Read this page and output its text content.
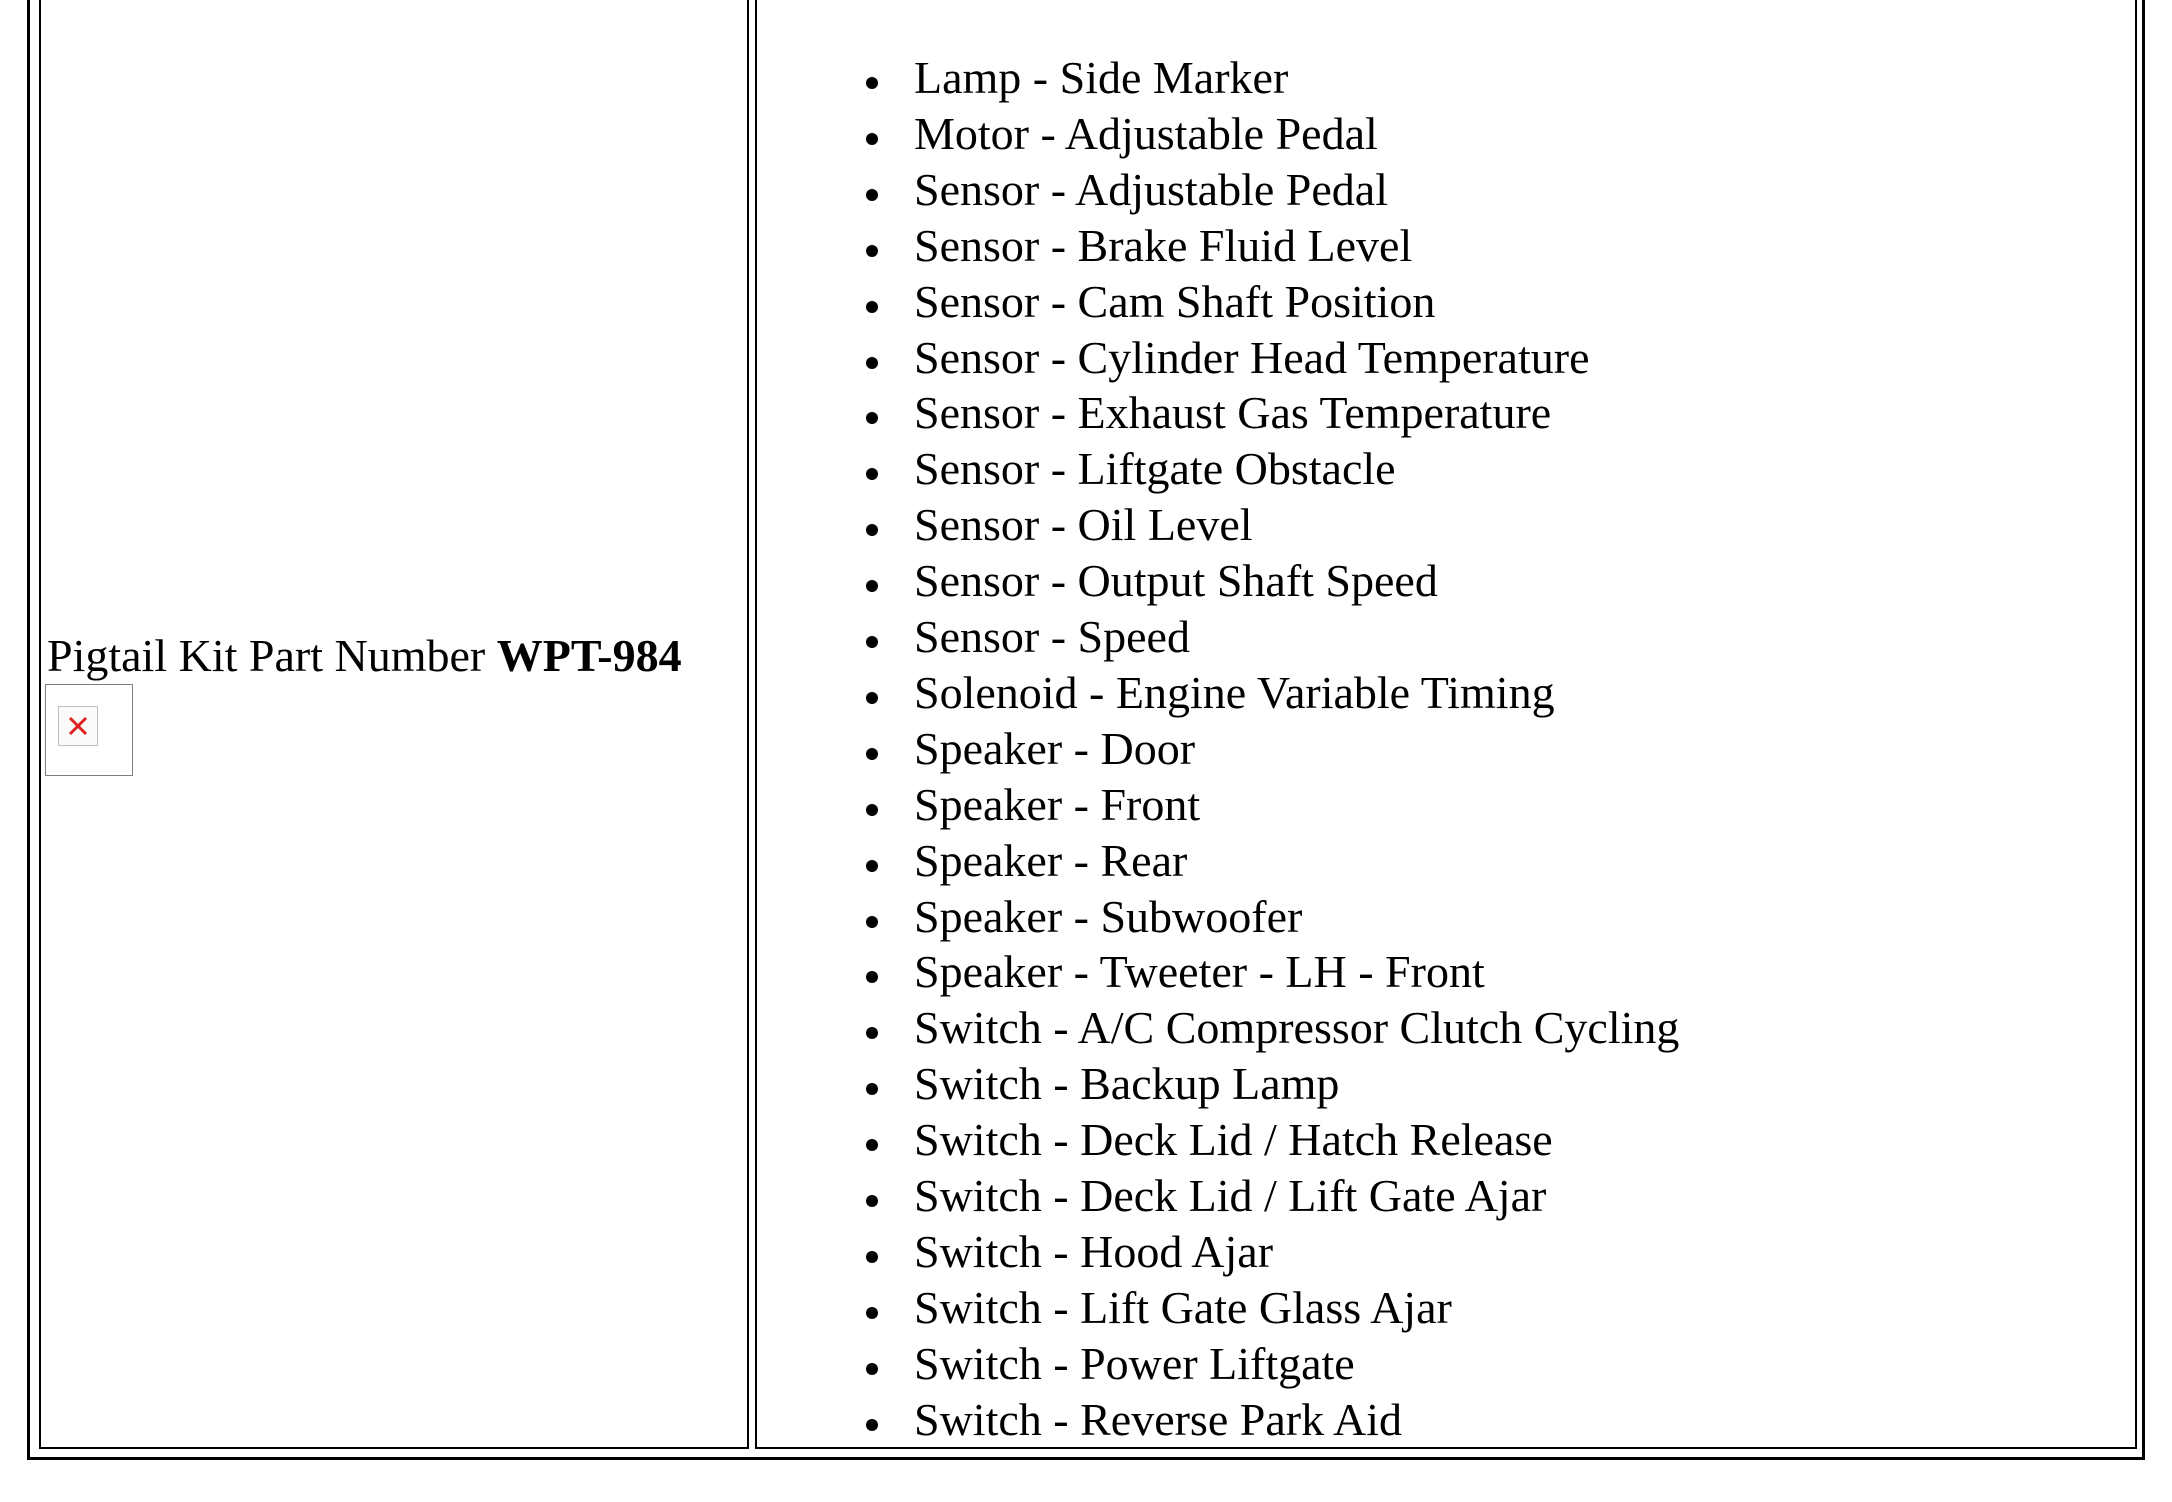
Pigtail Kit Part Number WPT-984
Lamp - Side Marker
Motor - Adjustable Pedal
Sensor - Adjustable Pedal
Sensor - Brake Fluid Level
Sensor - Cam Shaft Position
Sensor - Cylinder Head Temperature
Sensor - Exhaust Gas Temperature
Sensor - Liftgate Obstacle
Sensor - Oil Level
Sensor - Output Shaft Speed
Sensor - Speed
Solenoid - Engine Variable Timing
Speaker - Door
Speaker - Front
Speaker - Rear
Speaker - Subwoofer
Speaker - Tweeter - LH - Front
Switch - A/C Compressor Clutch Cycling
Switch - Backup Lamp
Switch - Deck Lid / Hatch Release
Switch - Deck Lid / Lift Gate Ajar
Switch - Hood Ajar
Switch - Lift Gate Glass Ajar
Switch - Power Liftgate
Switch - Reverse Park Aid
